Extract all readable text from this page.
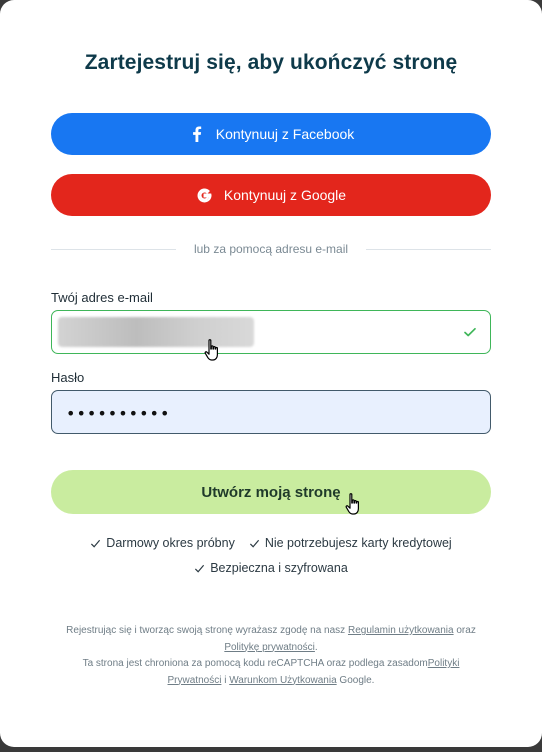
Zartejestruj się, aby ukończyć stronę
Kontynuuj z Facebook
Kontynuuj z Google
lub za pomocą adresu e-mail
Twój adres e-mail
Hasło
••••••••••
Utwórz moją stronę
Darmowy okres próbny Nie potrzebujesz karty kredytowej
Bezpieczna i szyfrowana
Rejestrując się i tworząc swoją stronę wyrażasz zgodę na nasz Regulamin użytkowania oraz Politykę prywatności.
Ta strona jest chroniona za pomocą kodu reCAPTCHA oraz podlega zasadomPolityki Prywatności i Warunkom Użytkowania Google.
